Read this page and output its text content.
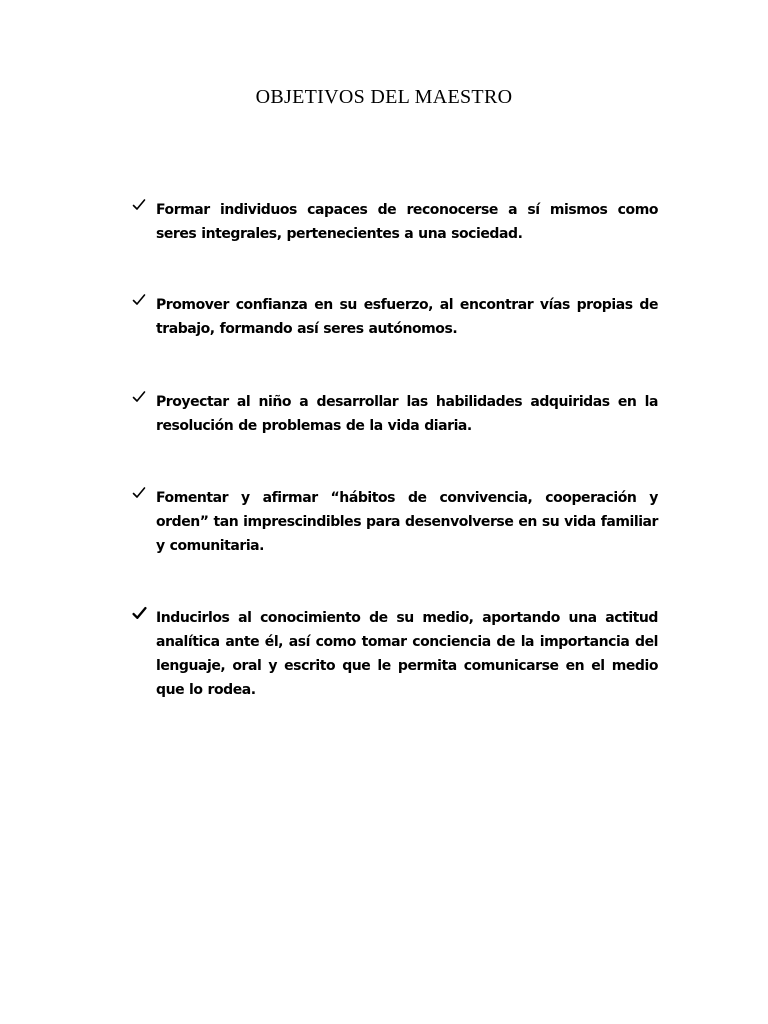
OBJETIVOS DEL MAESTRO
Formar individuos capaces de reconocerse a sí mismos como seres integrales, pertenecientes a una sociedad.
Promover confianza en su esfuerzo, al encontrar vías propias de trabajo, formando así seres autónomos.
Proyectar al niño a desarrollar las habilidades adquiridas en la resolución de problemas de la vida diaria.
Fomentar y afirmar “hábitos de convivencia, cooperación y orden” tan imprescindibles para desenvolverse en su vida familiar y comunitaria.
Inducirlos al conocimiento de su medio, aportando una actitud analítica ante él, así como tomar conciencia de la importancia del lenguaje, oral y escrito que le permita comunicarse en el medio que lo rodea.
